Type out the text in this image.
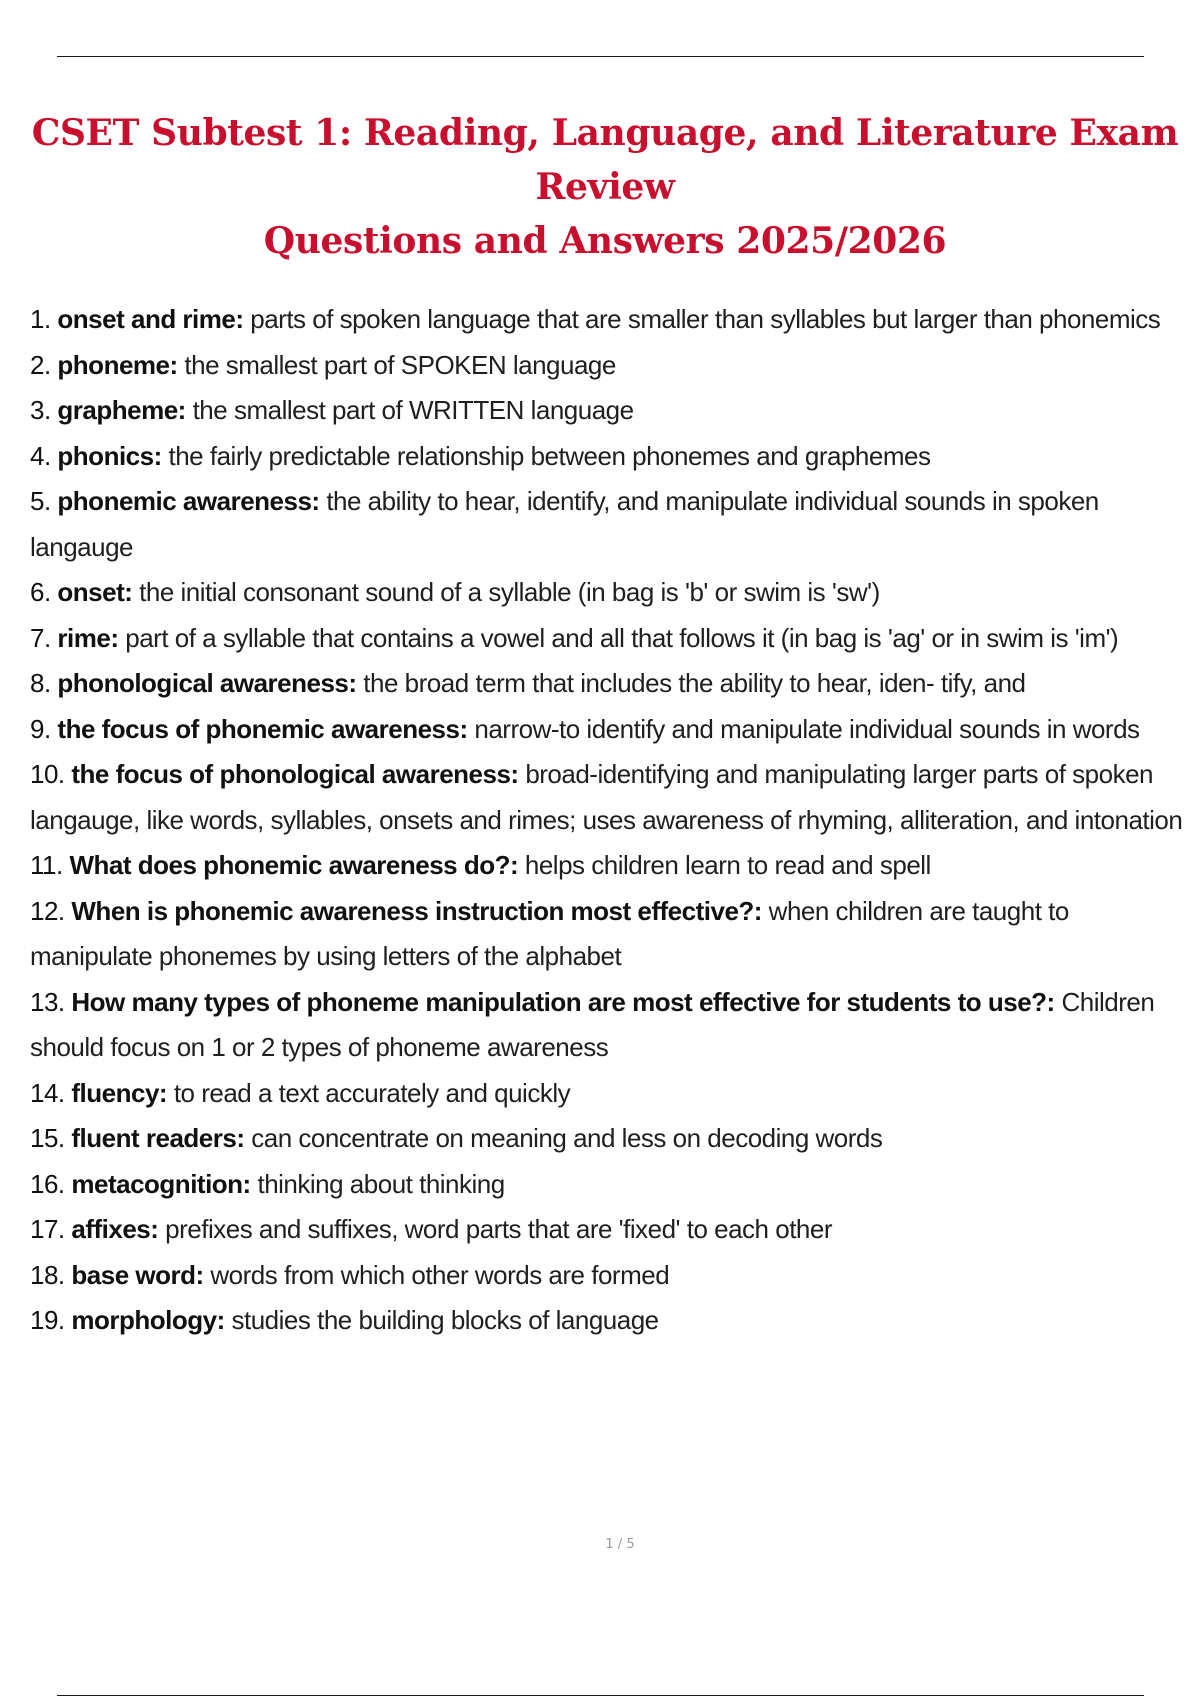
CSET Subtest 1: Reading, Language, and Literature Exam Review
Questions and Answers 2025/2026
1. onset and rime: parts of spoken language that are smaller than syllables but larger than phonemics
2. phoneme: the smallest part of SPOKEN language
3. grapheme: the smallest part of WRITTEN language
4. phonics: the fairly predictable relationship between phonemes and graphemes
5. phonemic awareness: the ability to hear, identify, and manipulate individual sounds in spoken langauge
6. onset: the initial consonant sound of a syllable (in bag is 'b' or swim is 'sw')
7. rime: part of a syllable that contains a vowel and all that follows it (in bag is 'ag' or in swim is 'im')
8. phonological awareness: the broad term that includes the ability to hear, iden- tify, and
9. the focus of phonemic awareness: narrow-to identify and manipulate individual sounds in words
10. the focus of phonological awareness: broad-identifying and manipulating larger parts of spoken langauge, like words, syllables, onsets and rimes; uses awareness of rhyming, alliteration, and intonation
11. What does phonemic awareness do?: helps children learn to read and spell
12. When is phonemic awareness instruction most effective?: when children are taught to manipulate phonemes by using letters of the alphabet
13. How many types of phoneme manipulation are most effective for students to use?: Children should focus on 1 or 2 types of phoneme awareness
14. fluency: to read a text accurately and quickly
15. fluent readers: can concentrate on meaning and less on decoding words
16. metacognition: thinking about thinking
17. affixes: prefixes and suffixes, word parts that are 'fixed' to each other
18. base word: words from which other words are formed
19. morphology: studies the building blocks of language
1 / 5
